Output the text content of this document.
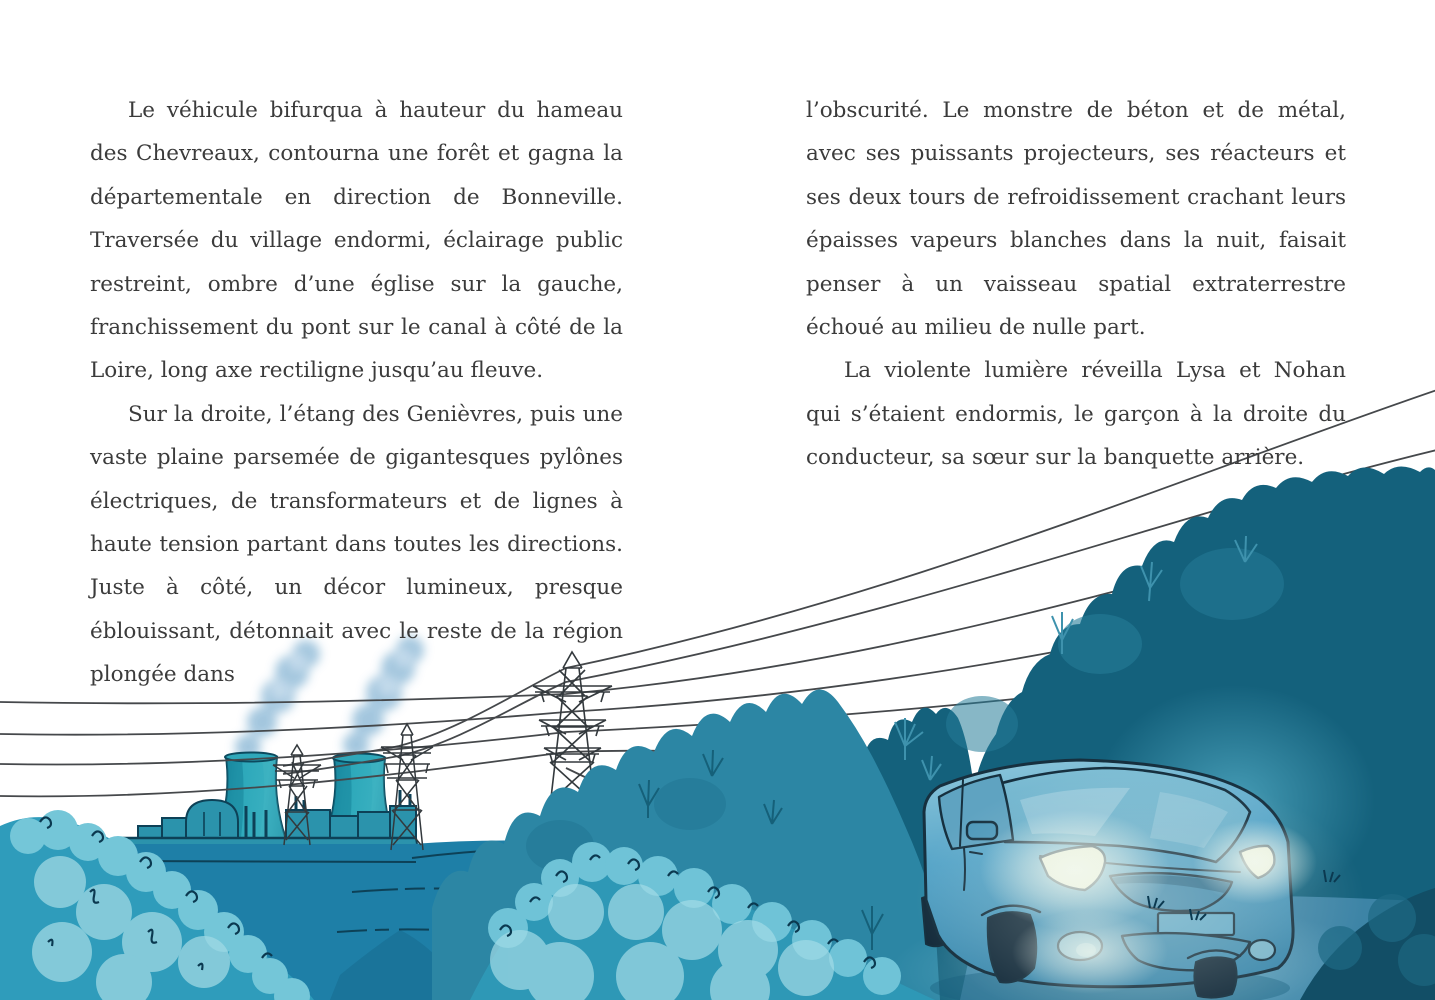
Le véhicule bifurqua à hauteur du hameau des Chevreaux, contourna une forêt et gagna la départementale en direction de Bonneville. Traversée du village endormi, éclairage public restreint, ombre d’une église sur la gauche, franchissement du pont sur le canal à côté de la Loire, long axe rectiligne jusqu’au fleuve.

Sur la droite, l’étang des Genièvres, puis une vaste plaine parsemée de gigantesques pylônes électriques, de transformateurs et de lignes à haute tension partant dans toutes les directions. Juste à côté, un décor lumineux, presque éblouissant, détonnait avec le reste de la région plongée dans

l’obscurité. Le monstre de béton et de métal, avec ses puissants projecteurs, ses réacteurs et ses deux tours de refroidissement crachant leurs épaisses vapeurs blanches dans la nuit, faisait penser à un vaisseau spatial extraterrestre échoué au milieu de nulle part.

La violente lumière réveilla Lysa et Nohan qui s’étaient endormis, le garçon à la droite du conducteur, sa sœur sur la banquette arrière.
